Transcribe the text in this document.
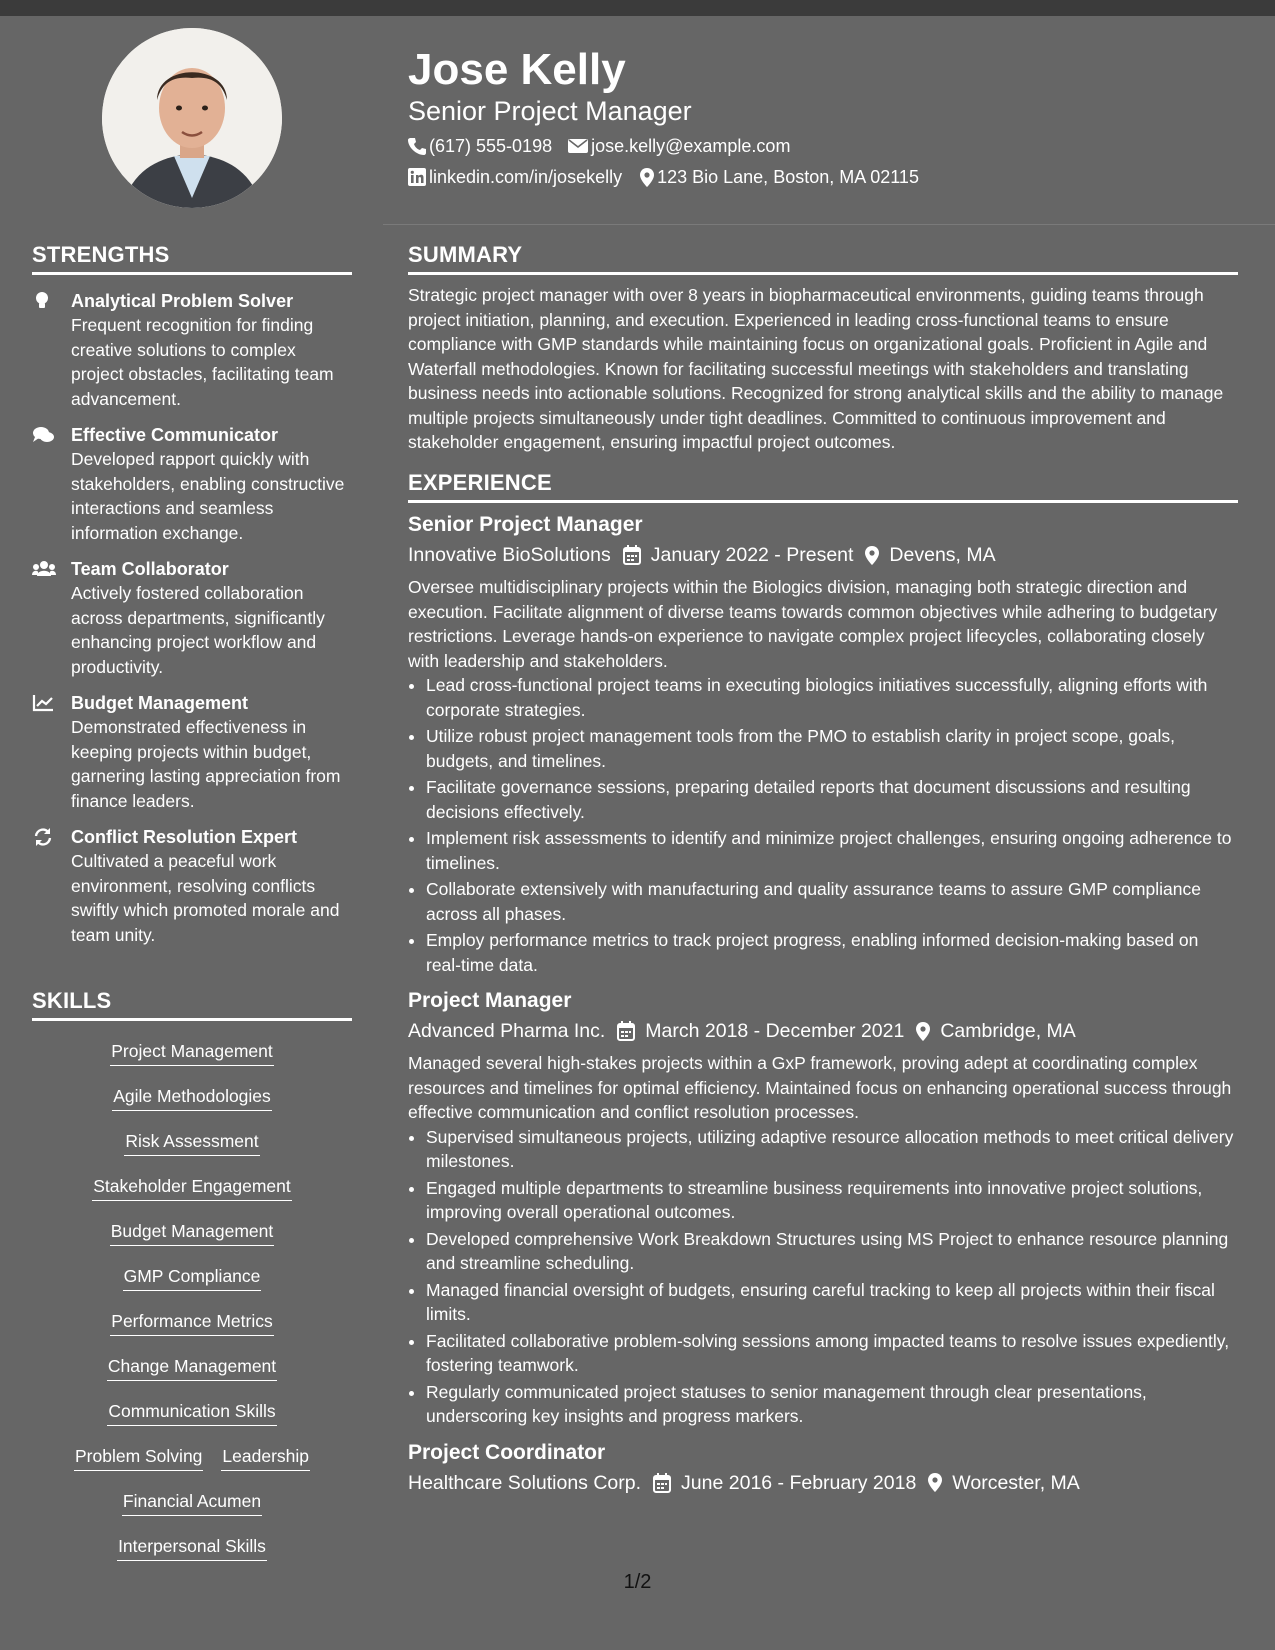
STRENGTHS
Analytical Problem Solver
Frequent recognition for finding creative solutions to complex project obstacles, facilitating team advancement.
Effective Communicator
Developed rapport quickly with stakeholders, enabling constructive interactions and seamless information exchange.
Team Collaborator
Actively fostered collaboration across departments, significantly enhancing project workflow and productivity.
Budget Management
Demonstrated effectiveness in keeping projects within budget, garnering lasting appreciation from finance leaders.
Conflict Resolution Expert
Cultivated a peaceful work environment, resolving conflicts swiftly which promoted morale and team unity.
SKILLS
Project Management
Agile Methodologies
Risk Assessment
Stakeholder Engagement
Budget Management
GMP Compliance
Performance Metrics
Change Management
Communication Skills
Problem Solving Leadership
Financial Acumen
Interpersonal Skills
Jose Kelly
Senior Project Manager
(617) 555-0198 jose.kelly@example.com
linkedin.com/in/josekelly 123 Bio Lane, Boston, MA 02115
SUMMARY

Strategic project manager with over 8 years in biopharmaceutical environments, guiding teams through project initiation, planning, and execution. Experienced in leading cross-functional teams to ensure compliance with GMP standards while maintaining focus on organizational goals. Proficient in Agile and Waterfall methodologies. Known for facilitating successful meetings with stakeholders and translating business needs into actionable solutions. Recognized for strong analytical skills and the ability to manage multiple projects simultaneously under tight deadlines. Committed to continuous improvement and stakeholder engagement, ensuring impactful project outcomes.

EXPERIENCE
Senior Project Manager
Innovative BioSolutions January 2022 - Present Devens, MA
Oversee multidisciplinary projects within the Biologics division, managing both strategic direction and execution. Facilitate alignment of diverse teams towards common objectives while adhering to budgetary restrictions. Leverage hands-on experience to navigate complex project lifecycles, collaborating closely with leadership and stakeholders.
• Lead cross-functional project teams in executing biologics initiatives successfully, aligning efforts with corporate strategies.
• Utilize robust project management tools from the PMO to establish clarity in project scope, goals, budgets, and timelines.
• Facilitate governance sessions, preparing detailed reports that document discussions and resulting decisions effectively.
• Implement risk assessments to identify and minimize project challenges, ensuring ongoing adherence to timelines.
• Collaborate extensively with manufacturing and quality assurance teams to assure GMP compliance across all phases.
• Employ performance metrics to track project progress, enabling informed decision-making based on real-time data.
Project Manager
Advanced Pharma Inc. March 2018 - December 2021 Cambridge, MA
Managed several high-stakes projects within a GxP framework, proving adept at coordinating complex resources and timelines for optimal efficiency. Maintained focus on enhancing operational success through effective communication and conflict resolution processes.
• Supervised simultaneous projects, utilizing adaptive resource allocation methods to meet critical delivery milestones.
• Engaged multiple departments to streamline business requirements into innovative project solutions, improving overall operational outcomes.
• Developed comprehensive Work Breakdown Structures using MS Project to enhance resource planning and streamline scheduling.
• Managed financial oversight of budgets, ensuring careful tracking to keep all projects within their fiscal limits.
• Facilitated collaborative problem-solving sessions among impacted teams to resolve issues expediently, fostering teamwork.
• Regularly communicated project statuses to senior management through clear presentations, underscoring key insights and progress markers.
Project Coordinator
Healthcare Solutions Corp. June 2016 - February 2018 Worcester, MA
1/2
